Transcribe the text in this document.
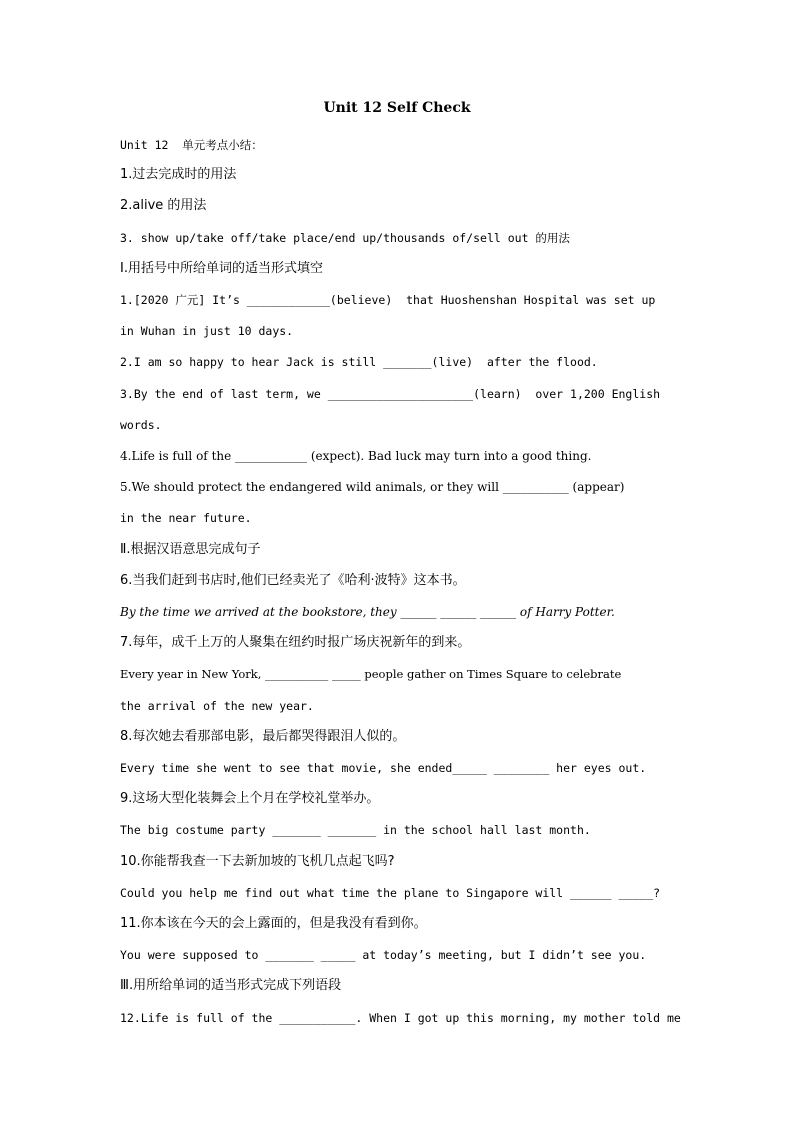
Unit 12 Self Check
Unit 12  单元考点小结：
1.过去完成时的用法
2.alive 的用法
3. show up/take off/take place/end up/thousands of/sell out 的用法
Ⅰ.用括号中所给单词的适当形式填空
1.[2020 广元] It’s ____________(believe)  that Huoshenshan Hospital was set up
in Wuhan in just 10 days.
2.I am so happy to hear Jack is still _______(live)  after the flood.
3.By the end of last term, we _____________________(learn)  over 1,200 English
words.
4.Life is full of the ____________ (expect). Bad luck may turn into a good thing.
5.We should protect the endangered wild animals, or they will ___________ (appear)
in the near future.
Ⅱ.根据汉语意思完成句子
6.当我们赶到书店时,他们已经卖光了《哈利·波特》这本书。
By the time we arrived at the bookstore, they ______ ______ ______ of Harry Potter.
7.每年，成千上万的人聚集在纽约时报广场庆祝新年的到来。
Every year in New York, ___________ _____ people gather on Times Square to celebrate
the arrival of the new year.
8.每次她去看那部电影，最后都哭得跟泪人似的。
Every time she went to see that movie, she ended_____ ________ her eyes out.
9.这场大型化装舞会上个月在学校礼堂举办。
The big costume party _______ _______ in the school hall last month.
10.你能帮我查一下去新加坡的飞机几点起飞吗?
Could you help me find out what time the plane to Singapore will ______ _____?
11.你本该在今天的会上露面的，但是我没有看到你。
You were supposed to _______ _____ at today’s meeting, but I didn’t see you.
Ⅲ.用所给单词的适当形式完成下列语段
12.Life is full of the ___________. When I got up this morning, my mother told me
